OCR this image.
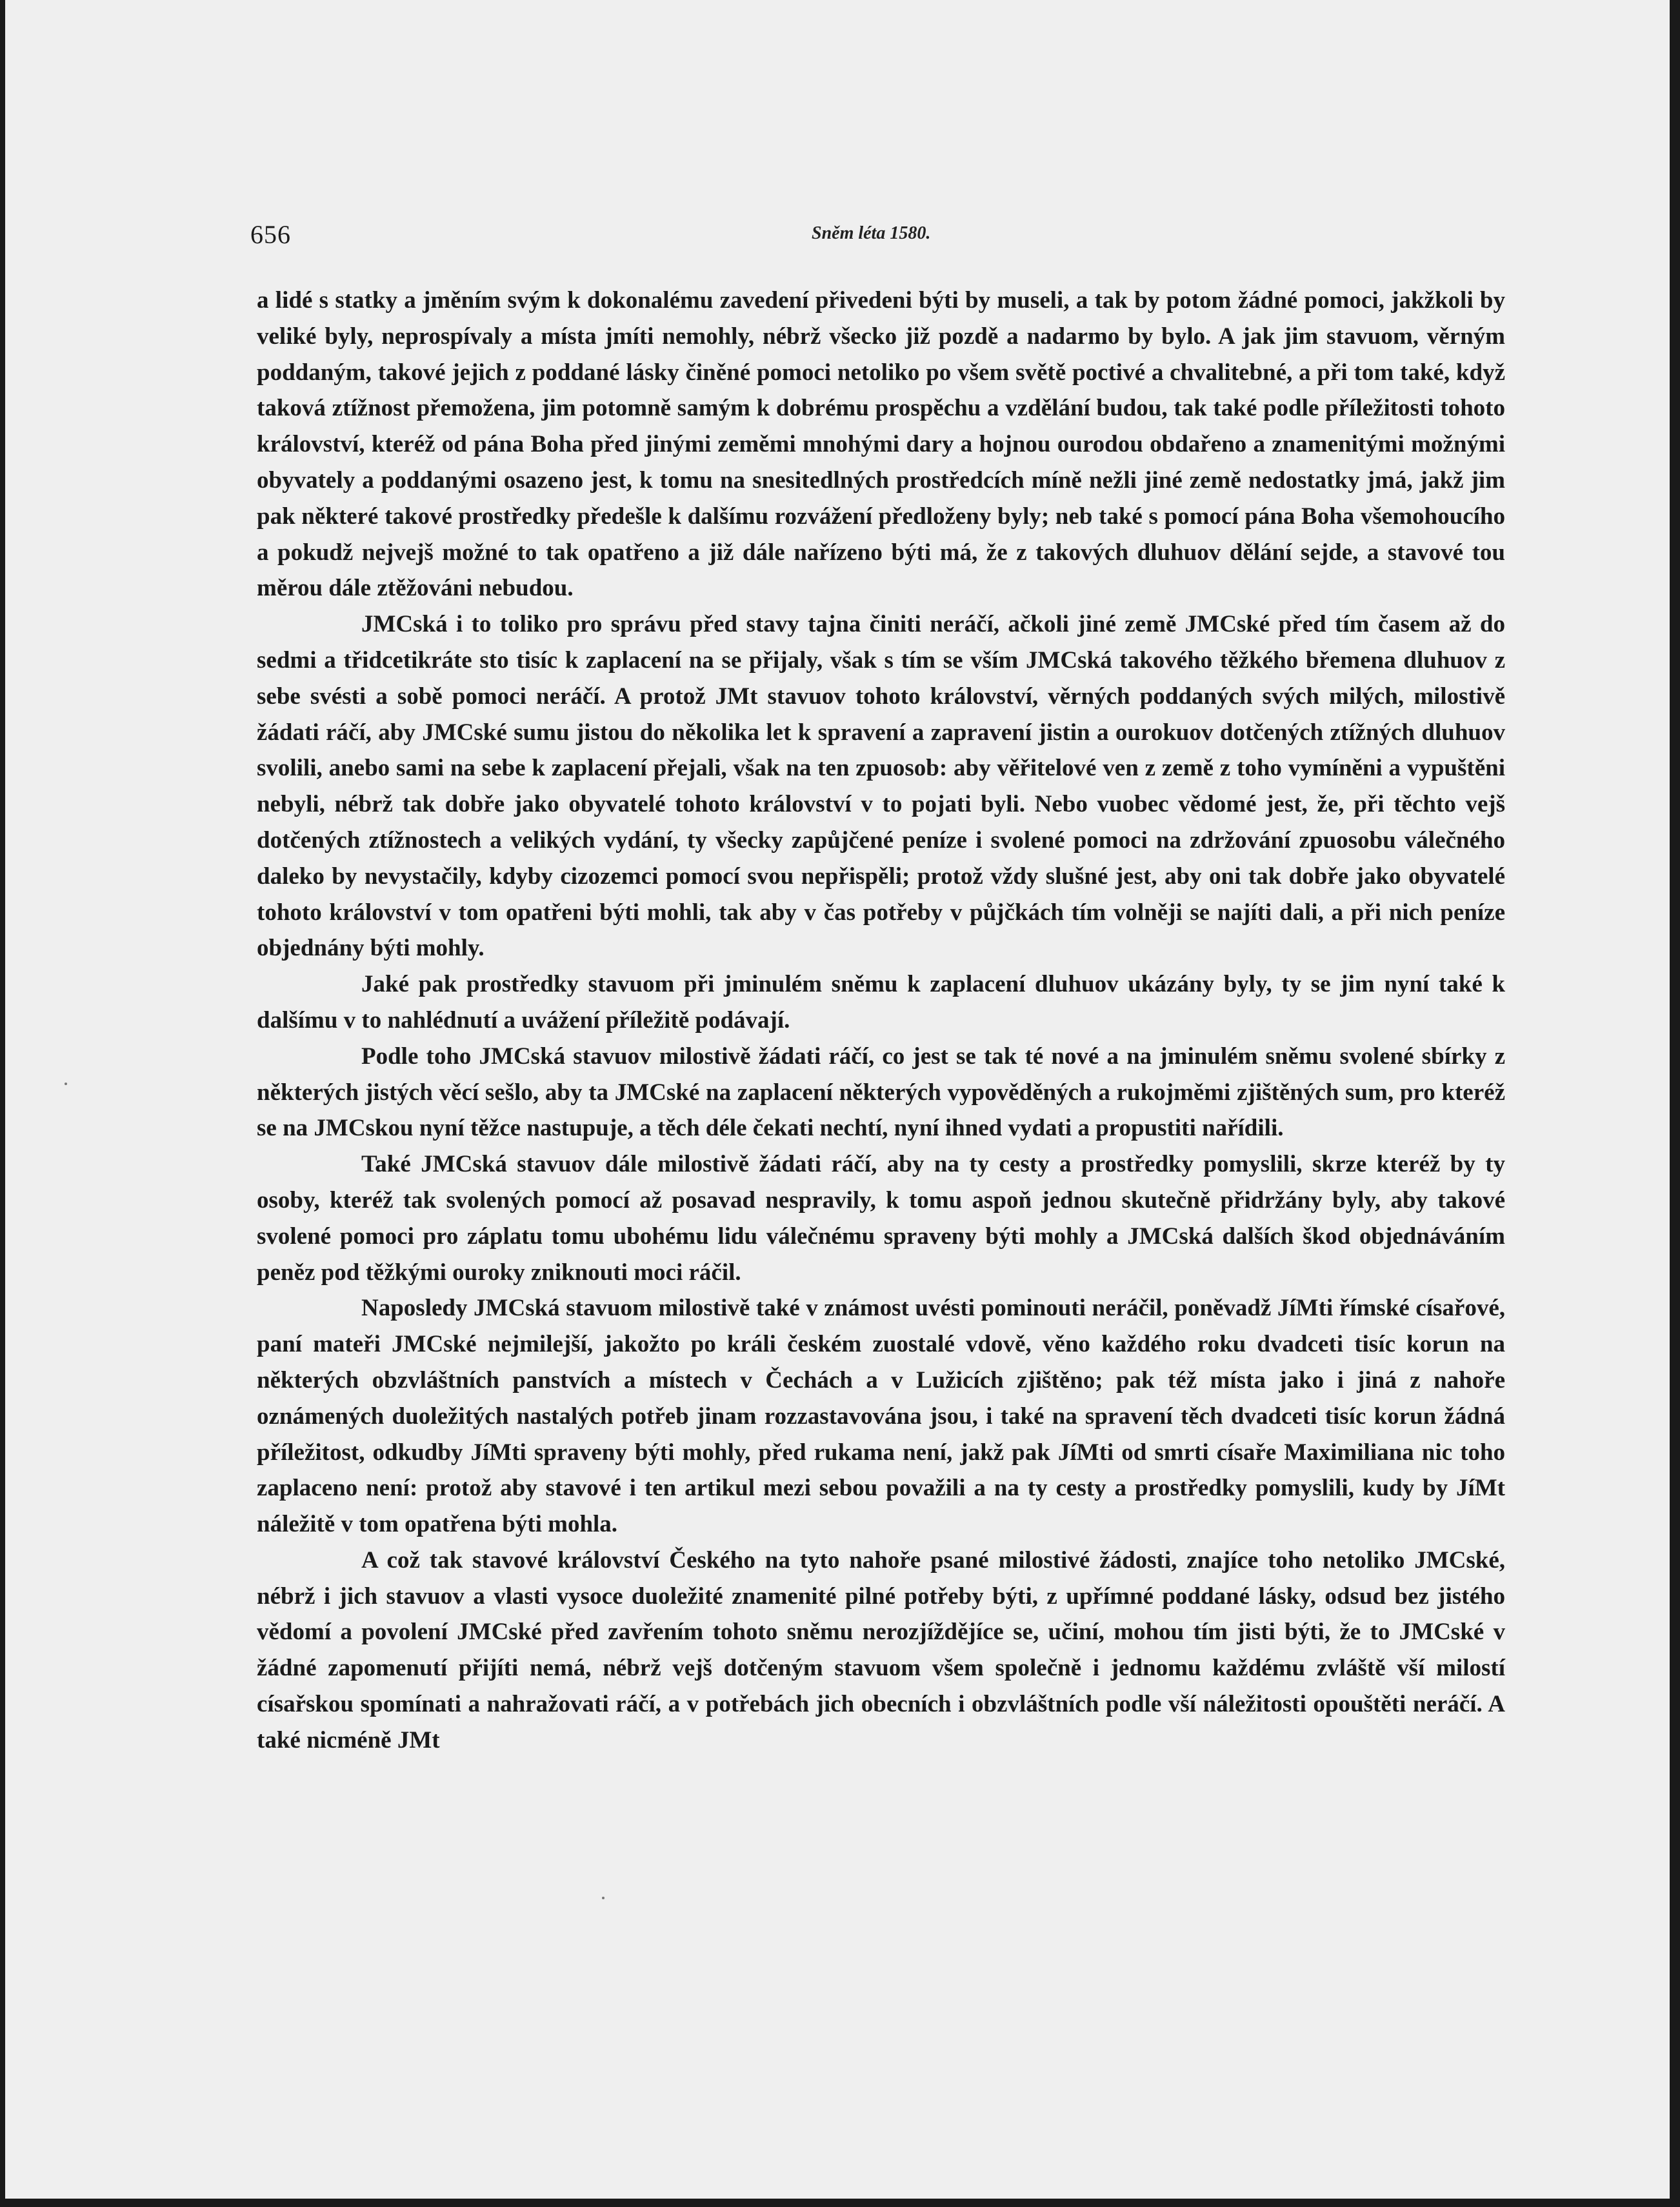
656	Sněm léta 1580.

a lidé s statky a jměním svým k dokonalému zavedení přivedeni býti by museli, a tak by potom žádné pomoci, jakžkoli by veliké byly, neprospívaly a místa jmíti nemohly, nébrž všecko již pozdě a nadarmo by bylo. A jak jim stavuom, věrným poddaným, takové jejich z poddané lásky činěné pomoci netoliko po všem světě poctivé a chvalitebné, a při tom také, když taková ztížnost přemožena, jim potomně samým k dobrému prospěchu a vzdělání budou, tak také podle příležitosti tohoto království, kteréž od pána Boha před jinými zeměmi mnohými dary a hojnou ourodou obdařeno a znamenitými možnými obyvately a poddanými osazeno jest, k tomu na snesitedlných prostředcích míně nežli jiné země nedostatky jmá, jakž jim pak některé takové prostředky předešle k dalšímu rozvážení předloženy byly; neb také s pomocí pána Boha všemohoucího a pokudž nejvejš možné to tak opatřeno a již dále nařízeno býti má, že z takových dluhuov dělání sejde, a stavové tou měrou dále ztěžováni nebudou.

JMCská i to toliko pro správu před stavy tajna činiti neráčí, ačkoli jiné země JMCské před tím časem až do sedmi a třidcetikráte sto tisíc k zaplacení na se přijaly, však s tím se vším JMCská takového těžkého břemena dluhuov z sebe svésti a sobě pomoci neráčí. A protož JMt stavuov tohoto království, věrných poddaných svých milých, milostivě žádati ráčí, aby JMCské sumu jistou do několika let k spravení a zapravení jistin a ourokuov dotčených ztížných dluhuov svolili, anebo sami na sebe k zaplacení přejali, však na ten zpuosob: aby věřitelové ven z země z toho vymíněni a vypuštěni nebyli, nébrž tak dobře jako obyvatelé tohoto království v to pojati byli. Nebo vuobec vědomé jest, že, při těchto vejš dotčených ztížnostech a velikých vydání, ty všecky zapůjčené peníze i svolené pomoci na zdržování zpuosobu válečného daleko by nevystačily, kdyby cizozemci pomocí svou nepřispěli; protož vždy slušné jest, aby oni tak dobře jako obyvatelé tohoto království v tom opatřeni býti mohli, tak aby v čas potřeby v půjčkách tím volněji se najíti dali, a při nich peníze objednány býti mohly.

Jaké pak prostředky stavuom při jminulém sněmu k zaplacení dluhuov ukázány byly, ty se jim nyní také k dalšímu v to nahlédnutí a uvážení příležitě podávají.

Podle toho JMCská stavuov milostivě žádati ráčí, co jest se tak té nové a na jminulém sněmu svolené sbírky z některých jistých věcí sešlo, aby ta JMCské na zaplacení některých vypověděných a rukojměmi zjištěných sum, pro kteréž se na JMCskou nyní těžce nastupuje, a těch déle čekati nechtí, nyní ihned vydati a propustiti nařídili.

Také JMCská stavuov dále milostivě žádati ráčí, aby na ty cesty a prostředky pomyslili, skrze kteréž by ty osoby, kteréž tak svolených pomocí až posavad nespravily, k tomu aspoň jednou skutečně přidržány byly, aby takové svolené pomoci pro záplatu tomu ubohému lidu válečnému spraveny býti mohly a JMCská dalších škod objednáváním peněz pod těžkými ouroky zniknouti moci ráčil.

Naposledy JMCská stavuom milostivě také v známost uvésti pominouti neráčil, poněvadž JíMti římské císařové, paní mateři JMCské nejmilejší, jakožto po králi českém zuostalé vdově, věno každého roku dvadceti tisíc korun na některých obzvláštních panstvích a místech v Čechách a v Lužicích zjištěno; pak též místa jako i jiná z nahoře oznámených duoležitých nastalých potřeb jinam rozzastavována jsou, i také na spravení těch dvadceti tisíc korun žádná příležitost, odkudby JíMti spraveny býti mohly, před rukama není, jakž pak JíMti od smrti císaře Maximiliana nic toho zaplaceno není: protož aby stavové i ten artikul mezi sebou považili a na ty cesty a prostředky pomyslili, kudy by JíMt náležitě v tom opatřena býti mohla.

A což tak stavové království Českého na tyto nahoře psané milostivé žádosti, znajíce toho netoliko JMCské, nébrž i jich stavuov a vlasti vysoce duoležité znamenité pilné potřeby býti, z upřímné poddané lásky, odsud bez jistého vědomí a povolení JMCské před zavřením tohoto sněmu nerozjíždějíce se, učiní, mohou tím jisti býti, že to JMCské v žádné zapomenutí přijíti nemá, nébrž vejš dotčeným stavuom všem společně i jednomu každému zvláště vší milostí císařskou spomínati a nahražovati ráčí, a v potřebách jich obecních i obzvláštních podle vší náležitosti opouštěti neráčí. A také nicméně JMt
